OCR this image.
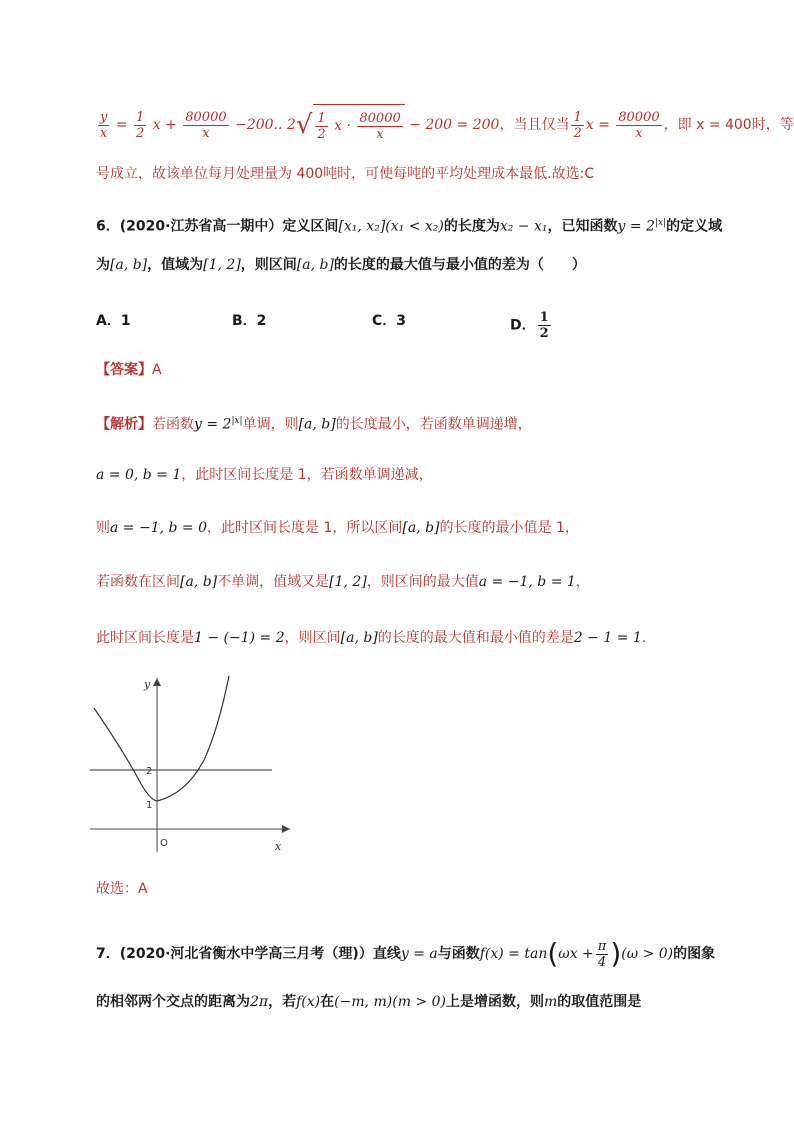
$\frac{y}{x} = \frac{1}{2}$ $x + \frac{80000}{x} -200$.. $2√ \frac{1}{2}$ $x \cdot \frac{80000}{x} - 200 = 200$，当且仅当 $\frac{1}{2}$ $x = \frac{80000}{x}$ ，即 x = 400时，等
号成立，故该单位每月处理量为 400吨时，可使每吨的平均处理成本最低.故选:C
6．(2020·江苏省高一期中）定义区间[x₁, x₂](x₁ < x₂)的长度为x₂ − x₁，已知函数$y = 2^{|x|}$的定义域
为[a, b]，值域为[1, 2]，则区间[a, b]的长度的最大值与最小值的差为（　　）
A．1	B．2	C．3	D． $\frac{1}{2}$
【答案】A
【解析】若函数$y = 2^{|x|}$单调，则[a, b]的长度最小，若函数单调递增，
a = 0, b = 1，此时区间长度是 1，若函数单调递减，
则a = −1, b = 0，此时区间长度是 1，所以区间[a, b]的长度的最小值是 1，
若函数在区间[a, b]不单调，值域又是[1, 2]，则区间的最大值a = −1, b = 1，
此时区间长度是1 − (−1) = 2，则区间[a, b]的长度的最大值和最小值的差是2 − 1 = 1.
y
x
O
2
1
故选：A
7．(2020·河北省衡水中学高三月考（理)）直线y = a与函数$f(x) = \tan(\omega x + \frac{\pi}{4} )(\omega > 0)$的图象
的相邻两个交点的距离为2π，若f(x)在(−m, m)(m > 0)上是增函数，则m的取值范围是
